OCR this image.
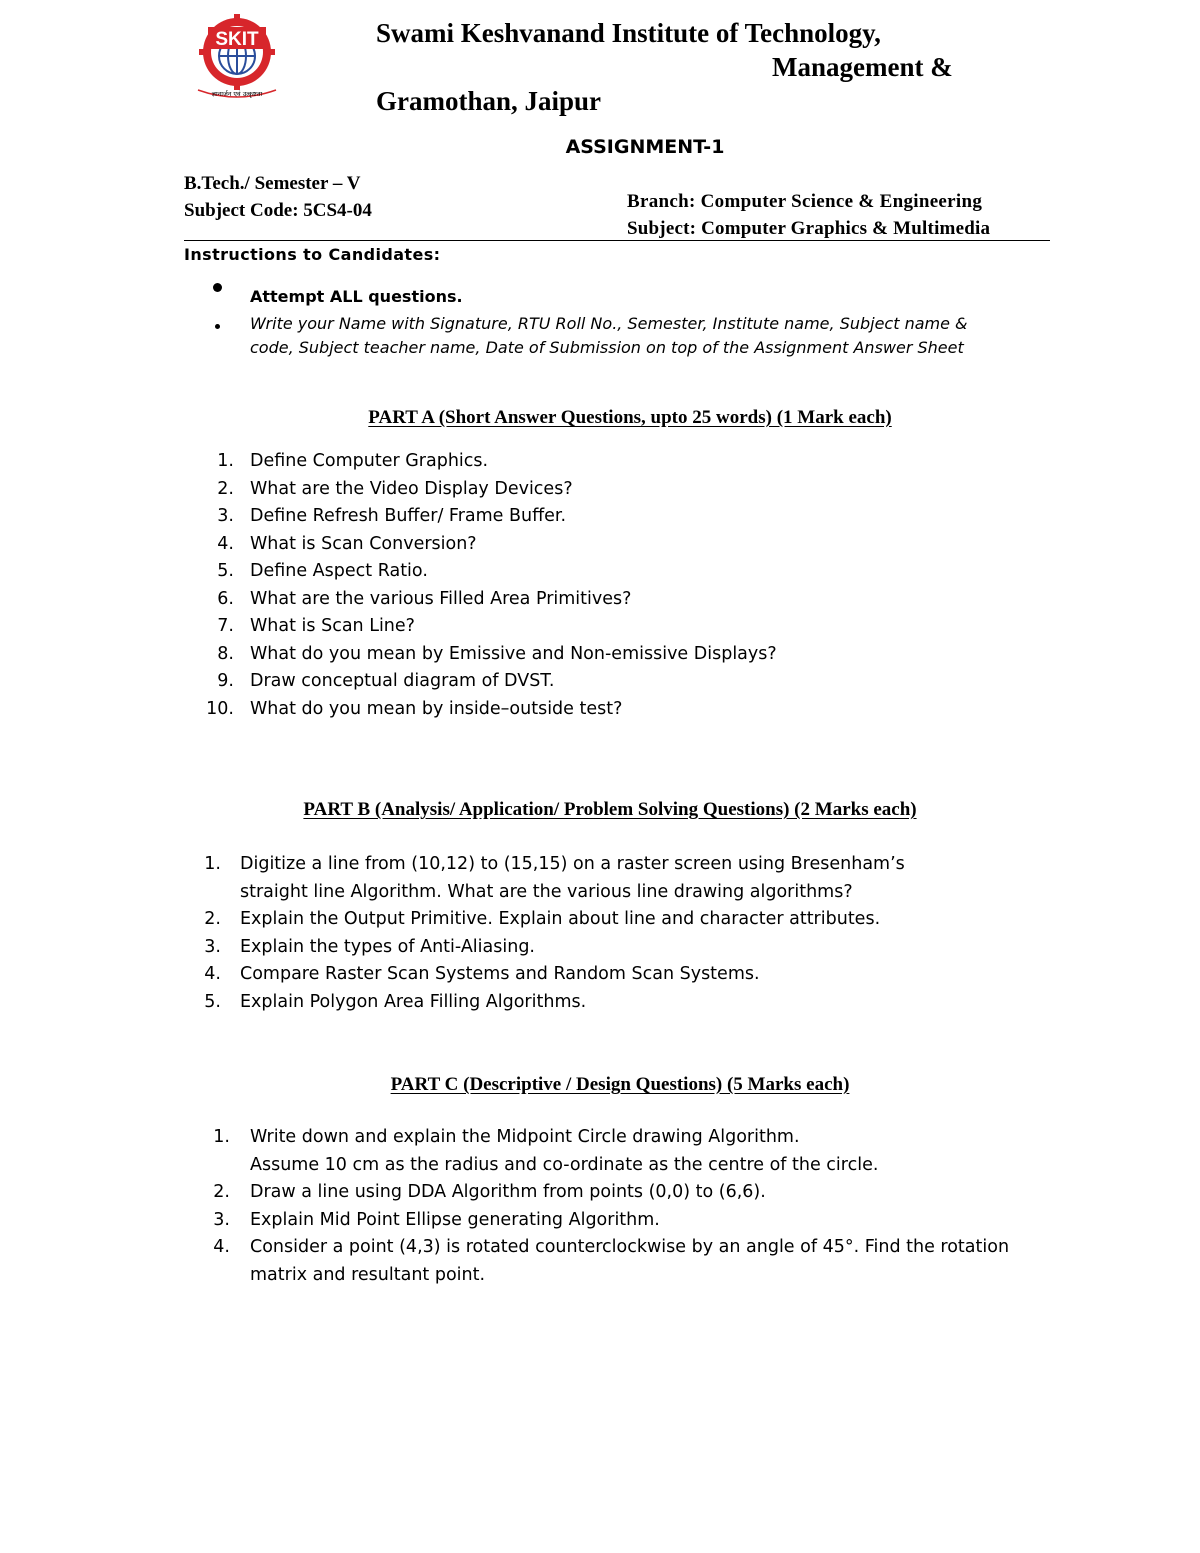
SKIT
ज्ञानार्जन एवं उत्कृष्टता
Swami Keshvanand Institute of Technology,
Management &
Gramothan, Jaipur
ASSIGNMENT-1
B.Tech./ Semester – V
Subject Code: 5CS4-04	Branch: Computer Science & Engineering
Subject: Computer Graphics & Multimedia
Instructions to Candidates:
Attempt ALL questions.
Write your Name with Signature, RTU Roll No., Semester, Institute name, Subject name & code, Subject teacher name, Date of Submission on top of the Assignment Answer Sheet
PART A (Short Answer Questions, upto 25 words) (1 Mark each)
1. Define Computer Graphics.
2. What are the Video Display Devices?
3. Define Refresh Buffer/ Frame Buffer.
4. What is Scan Conversion?
5. Define Aspect Ratio.
6. What are the various Filled Area Primitives?
7. What is Scan Line?
8. What do you mean by Emissive and Non-emissive Displays?
9. Draw conceptual diagram of DVST.
10. What do you mean by inside–outside test?
PART B (Analysis/ Application/ Problem Solving Questions) (2 Marks each)
1.	Digitize a line from (10,12) to (15,15) on a raster screen using Bresenham’s
straight line Algorithm. What are the various line drawing algorithms?
2.	Explain the Output Primitive. Explain about line and character attributes.
3.	Explain the types of Anti-Aliasing.
4.	Compare Raster Scan Systems and Random Scan Systems.
5.	Explain Polygon Area Filling Algorithms.
PART C (Descriptive / Design Questions) (5 Marks each)
1.	Write down and explain the Midpoint Circle drawing Algorithm.
Assume 10 cm as the radius and co-ordinate as the centre of the circle.
2.	Draw a line using DDA Algorithm from points (0,0) to (6,6).
3.	Explain Mid Point Ellipse generating Algorithm.
4.	Consider a point (4,3) is rotated counterclockwise by an angle of 45°. Find the rotation matrix and resultant point.
